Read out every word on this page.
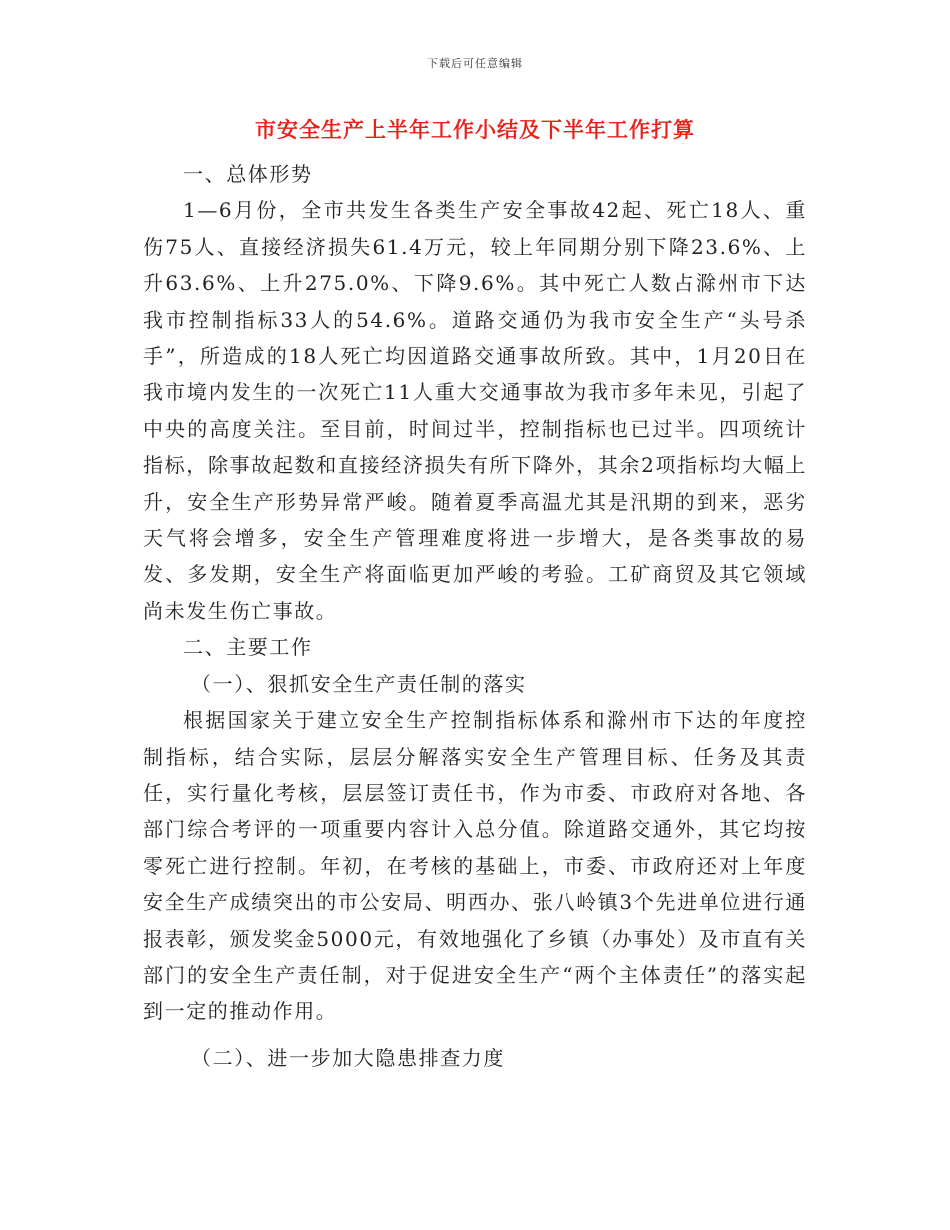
下载后可任意编辑
市安全生产上半年工作小结及下半年工作打算

一、总体形势

1—6月份，全市共发生各类生产安全事故42起、死亡18人、重伤75人、直接经济损失61.4万元，较上年同期分别下降23.6%、上升63.6%、上升275.0%、下降9.6%。其中死亡人数占滁州市下达我市控制指标33人的54.6%。道路交通仍为我市安全生产“头号杀手”，所造成的18人死亡均因道路交通事故所致。其中，1月20日在我市境内发生的一次死亡11人重大交通事故为我市多年未见，引起了中央的高度关注。至目前，时间过半，控制指标也已过半。四项统计指标，除事故起数和直接经济损失有所下降外，其余2项指标均大幅上升，安全生产形势异常严峻。随着夏季高温尤其是汛期的到来，恶劣天气将会增多，安全生产管理难度将进一步增大，是各类事故的易发、多发期，安全生产将面临更加严峻的考验。工矿商贸及其它领域尚未发生伤亡事故。

二、主要工作

（一）、狠抓安全生产责任制的落实

根据国家关于建立安全生产控制指标体系和滁州市下达的年度控制指标，结合实际，层层分解落实安全生产管理目标、任务及其责任，实行量化考核，层层签订责任书，作为市委、市政府对各地、各部门综合考评的一项重要内容计入总分值。除道路交通外，其它均按零死亡进行控制。年初，在考核的基础上，市委、市政府还对上年度安全生产成绩突出的市公安局、明西办、张八岭镇3个先进单位进行通报表彰，颁发奖金5000元，有效地强化了乡镇（办事处）及市直有关部门的安全生产责任制，对于促进安全生产“两个主体责任”的落实起到一定的推动作用。

（二）、进一步加大隐患排查力度
